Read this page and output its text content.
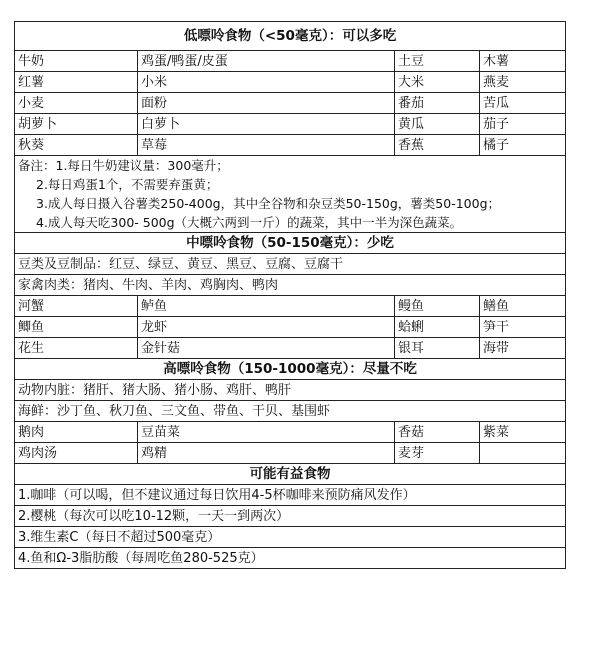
低嘌呤食物（<50毫克）：可以多吃			
牛奶	鸡蛋/鸭蛋/皮蛋	土豆	木薯
红薯	小米	大米	燕麦
小麦	面粉	番茄	苦瓜
胡萝卜	白萝卜	黄瓜	茄子
秋葵	草莓	香蕉	橘子

备注：1.每日牛奶建议量：300毫升；
2.每日鸡蛋1个，不需要弃蛋黄；
3.成人每日摄入谷薯类250-400g，其中全谷物和杂豆类50-150g，薯类50-100g；
4.成人每天吃300- 500g（大概六两到一斤）的蔬菜，其中一半为深色蔬菜。			

中嘌呤食物（50-150毫克）：少吃			
豆类及豆制品：红豆、绿豆、黄豆、黑豆、豆腐、豆腐干			
家禽肉类：猪肉、牛肉、羊肉、鸡胸肉、鸭肉			
河蟹	鲈鱼	鳗鱼	鳝鱼
鲫鱼	龙虾	蛤蜊	笋干
花生	金针菇	银耳	海带
高嘌呤食物（150-1000毫克）：尽量不吃			
动物内脏：猪肝、猪大肠、猪小肠、鸡肝、鸭肝			
海鲜：沙丁鱼、秋刀鱼、三文鱼、带鱼、干贝、基围虾			
鹅肉	豆苗菜	香菇	紫菜
鸡肉汤	鸡精	麦芽	
可能有益食物			
1.咖啡（可以喝，但不建议通过每日饮用4-5杯咖啡来预防痛风发作）			
2.樱桃（每次可以吃10-12颗，一天一到两次）			
3.维生素C（每日不超过500毫克）			
4.鱼和Ω-3脂肪酸（每周吃鱼280-525克）			
